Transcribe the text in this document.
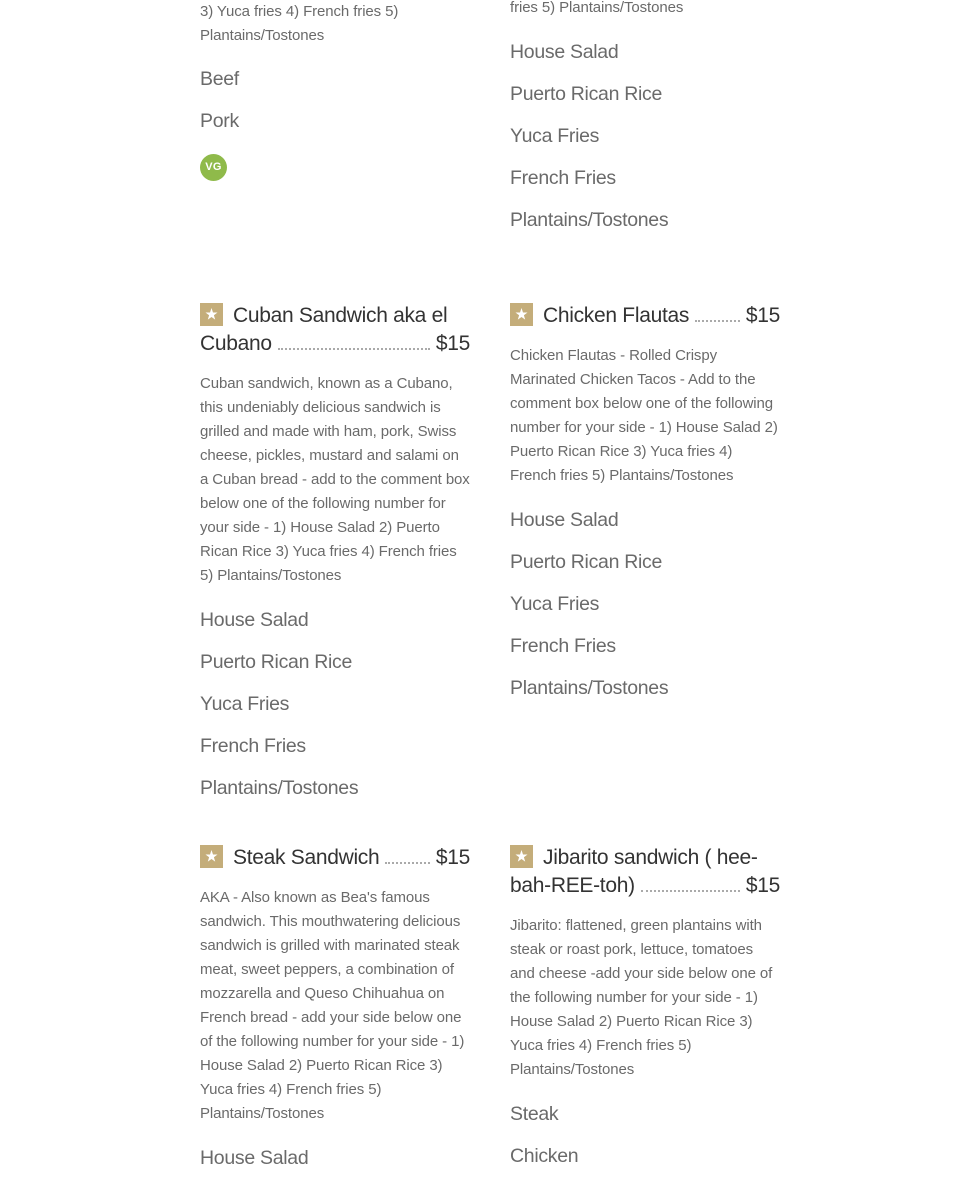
3) Yuca fries 4) French fries 5) Plantains/Tostones
Beef
Pork
VG
fries 5) Plantains/Tostones
House Salad
Puerto Rican Rice
Yuca Fries
French Fries
Plantains/Tostones
Cuban Sandwich aka el
Cubano	$15
Cuban sandwich, known as a Cubano, this undeniably delicious sandwich is grilled and made with ham, pork, Swiss cheese, pickles, mustard and salami on a Cuban bread - add to the comment box below one of the following number for your side - 1) House Salad 2) Puerto Rican Rice 3) Yuca fries 4) French fries 5) Plantains/Tostones
House Salad
Puerto Rican Rice
Yuca Fries
French Fries
Plantains/Tostones
Chicken Flautas	$15
Chicken Flautas - Rolled Crispy Marinated Chicken Tacos - Add to the comment box below one of the following number for your side - 1) House Salad 2) Puerto Rican Rice 3) Yuca fries 4) French fries 5) Plantains/Tostones
House Salad
Puerto Rican Rice
Yuca Fries
French Fries
Plantains/Tostones
Steak Sandwich	$15
AKA - Also known as Bea's famous sandwich. This mouthwatering delicious sandwich is grilled with marinated steak meat, sweet peppers, a combination of mozzarella and Queso Chihuahua on French bread - add your side below one of the following number for your side - 1) House Salad 2) Puerto Rican Rice 3) Yuca fries 4) French fries 5) Plantains/Tostones
House Salad
Jibarito sandwich ( hee-
bah-REE-toh)	$15
Jibarito: flattened, green plantains with steak or roast pork, lettuce, tomatoes and cheese -add your side below one of the following number for your side - 1) House Salad 2) Puerto Rican Rice 3) Yuca fries 4) French fries 5) Plantains/Tostones
Steak
Chicken
